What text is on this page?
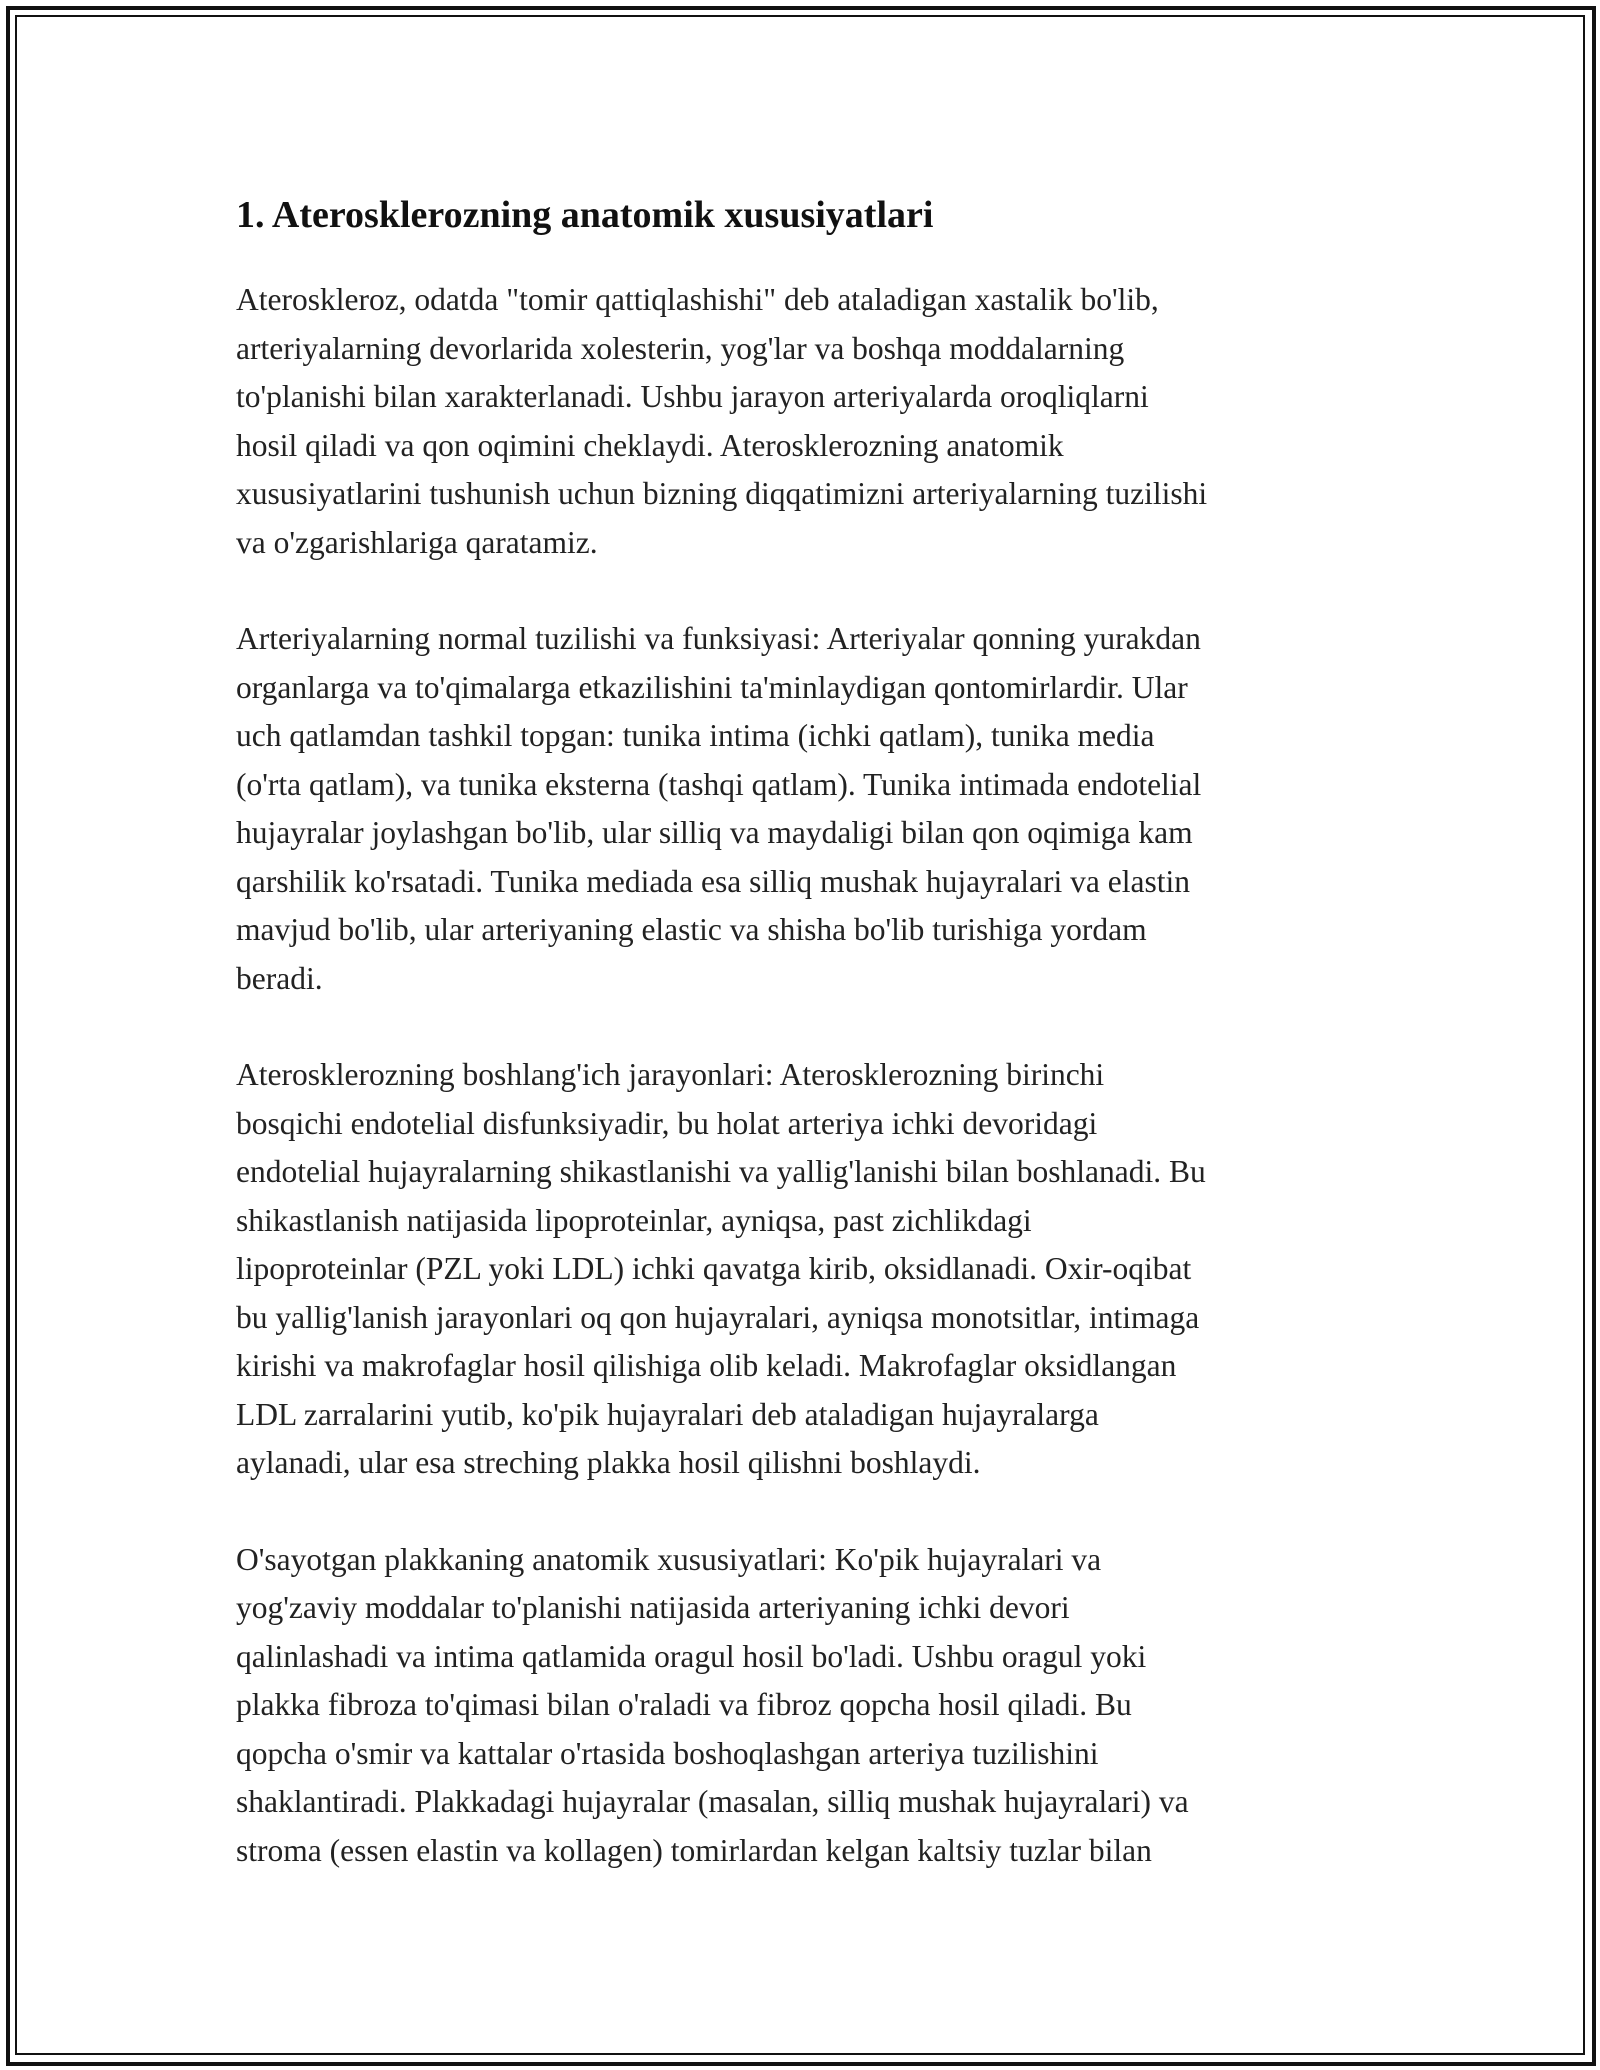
1. Aterosklerozning anatomik xususiyatlari

Ateroskleroz, odatda "tomir qattiqlashishi" deb ataladigan xastalik bo'lib,
arteriyalarning devorlarida xolesterin, yog'lar va boshqa moddalarning
to'planishi bilan xarakterlanadi. Ushbu jarayon arteriyalarda oroqliqlarni
hosil qiladi va qon oqimini cheklaydi. Aterosklerozning anatomik
xususiyatlarini tushunish uchun bizning diqqatimizni arteriyalarning tuzilishi
va o'zgarishlariga qaratamiz.

Arteriyalarning normal tuzilishi va funksiyasi: Arteriyalar qonning yurakdan
organlarga va to'qimalarga etkazilishini ta'minlaydigan qontomirlardir. Ular
uch qatlamdan tashkil topgan: tunika intima (ichki qatlam), tunika media
(o'rta qatlam), va tunika eksterna (tashqi qatlam). Tunika intimada endotelial
hujayralar joylashgan bo'lib, ular silliq va maydaligi bilan qon oqimiga kam
qarshilik ko'rsatadi. Tunika mediada esa silliq mushak hujayralari va elastin
mavjud bo'lib, ular arteriyaning elastic va shisha bo'lib turishiga yordam
beradi.

Aterosklerozning boshlang'ich jarayonlari: Aterosklerozning birinchi
bosqichi endotelial disfunksiyadir, bu holat arteriya ichki devoridagi
endotelial hujayralarning shikastlanishi va yallig'lanishi bilan boshlanadi. Bu
shikastlanish natijasida lipoproteinlar, ayniqsa, past zichlikdagi
lipoproteinlar (PZL yoki LDL) ichki qavatga kirib, oksidlanadi. Oxir-oqibat
bu yallig'lanish jarayonlari oq qon hujayralari, ayniqsa monotsitlar, intimaga
kirishi va makrofaglar hosil qilishiga olib keladi. Makrofaglar oksidlangan
LDL zarralarini yutib, ko'pik hujayralari deb ataladigan hujayralarga
aylanadi, ular esa streching plakka hosil qilishni boshlaydi.

O'sayotgan plakkaning anatomik xususiyatlari: Ko'pik hujayralari va
yog'zaviy moddalar to'planishi natijasida arteriyaning ichki devori
qalinlashadi va intima qatlamida oragul hosil bo'ladi. Ushbu oragul yoki
plakka fibroza to'qimasi bilan o'raladi va fibroz qopcha hosil qiladi. Bu
qopcha o'smir va kattalar o'rtasida boshoqlashgan arteriya tuzilishini
shaklantiradi. Plakkadagi hujayralar (masalan, silliq mushak hujayralari) va
stroma (essen elastin va kollagen) tomirlardan kelgan kaltsiy tuzlar bilan
